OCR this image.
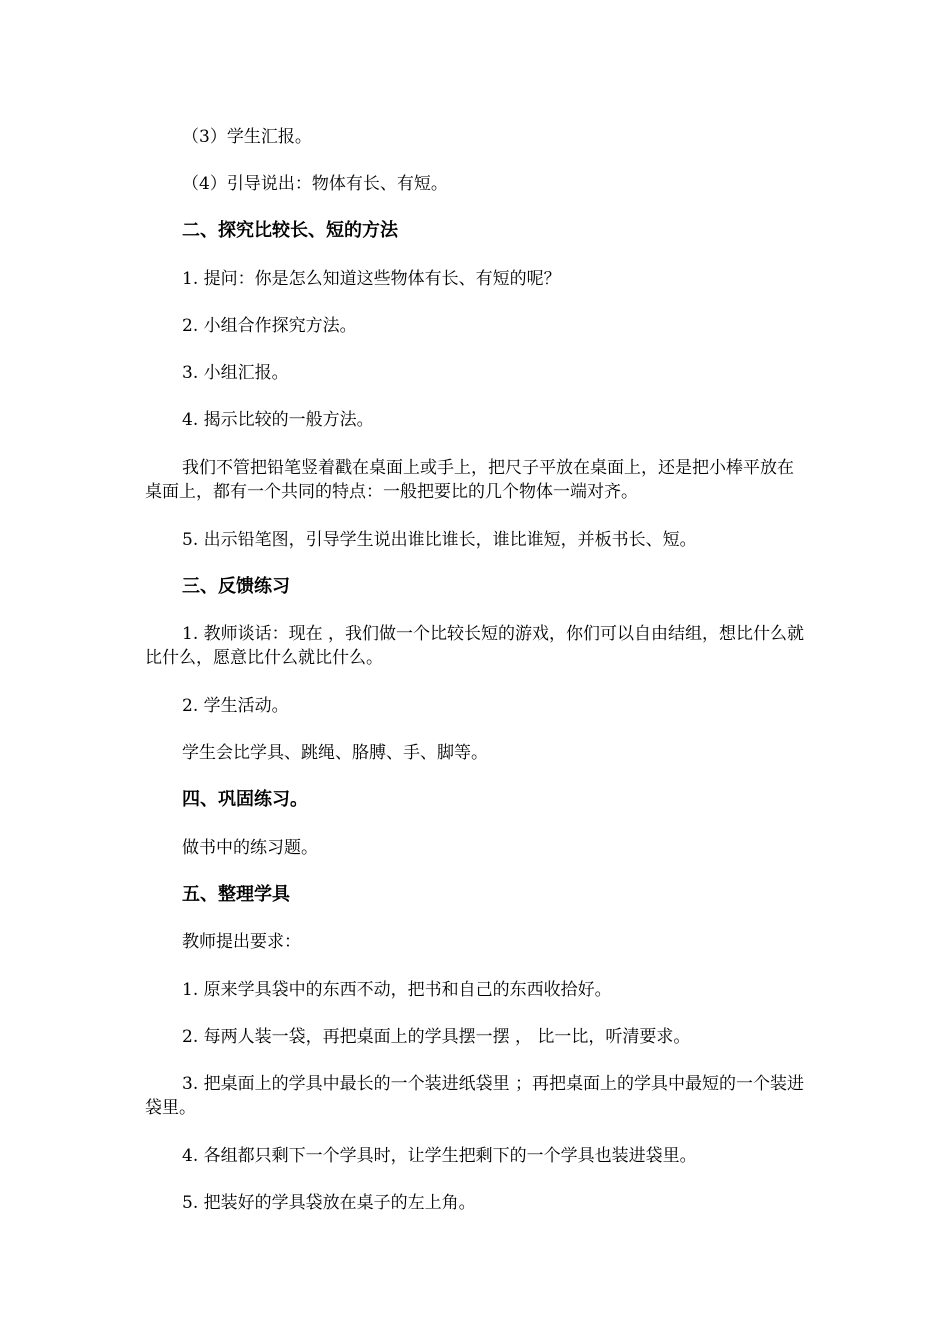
（3）学生汇报。

（4）引导说出：物体有长、有短。

二、探究比较长、短的方法

1. 提问：你是怎么知道这些物体有长、有短的呢？

2. 小组合作探究方法。

3. 小组汇报。

4. 揭示比较的一般方法。

我们不管把铅笔竖着戳在桌面上或手上，把尺子平放在桌面上，还是把小棒平放在桌面上，都有一个共同的特点：一般把要比的几个物体一端对齐。

5. 出示铅笔图，引导学生说出谁比谁长，谁比谁短，并板书长、短。

三、反馈练习

1. 教师谈话：现在 ，我们做一个比较长短的游戏，你们可以自由结组，想比什么就比什么，愿意比什么就比什么。

2. 学生活动。

学生会比学具、跳绳、胳膊、手、脚等。

四、巩固练习。

做书中的练习题。

五、整理学具

教师提出要求：

1. 原来学具袋中的东西不动，把书和自己的东西收拾好。

2. 每两人装一袋，再把桌面上的学具摆一摆 ， 比一比，听清要求。

3. 把桌面上的学具中最长的一个装进纸袋里 ；再把桌面上的学具中最短的一个装进袋里。

4. 各组都只剩下一个学具时，让学生把剩下的一个学具也装进袋里。

5. 把装好的学具袋放在桌子的左上角。
